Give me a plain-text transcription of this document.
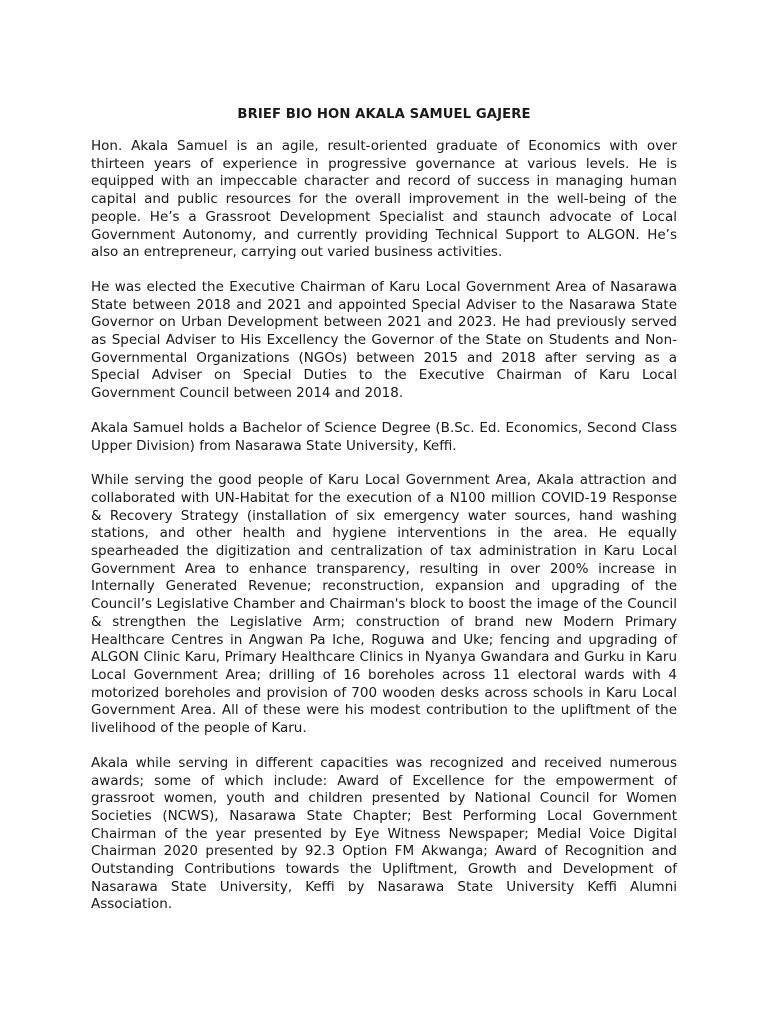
BRIEF BIO HON AKALA SAMUEL GAJERE

Hon. Akala Samuel is an agile, result-oriented graduate of Economics with over thirteen years of experience in progressive governance at various levels. He is equipped with an impeccable character and record of success in managing human capital and public resources for the overall improvement in the well-being of the people. He’s a Grassroot Development Specialist and staunch advocate of Local Government Autonomy, and currently providing Technical Support to ALGON. He’s also an entrepreneur, carrying out varied business activities.

He was elected the Executive Chairman of Karu Local Government Area of Nasarawa State between 2018 and 2021 and appointed Special Adviser to the Nasarawa State Governor on Urban Development between 2021 and 2023. He had previously served as Special Adviser to His Excellency the Governor of the State on Students and Non-Governmental Organizations (NGOs) between 2015 and 2018 after serving as a Special Adviser on Special Duties to the Executive Chairman of Karu Local Government Council between 2014 and 2018.

Akala Samuel holds a Bachelor of Science Degree (B.Sc. Ed. Economics, Second Class Upper Division) from Nasarawa State University, Keffi.

While serving the good people of Karu Local Government Area, Akala attraction and collaborated with UN-Habitat for the execution of a N100 million COVID-19 Response & Recovery Strategy (installation of six emergency water sources, hand washing stations, and other health and hygiene interventions in the area. He equally spearheaded the digitization and centralization of tax administration in Karu Local Government Area to enhance transparency, resulting in over 200% increase in Internally Generated Revenue; reconstruction, expansion and upgrading of the Council’s Legislative Chamber and Chairman's block to boost the image of the Council & strengthen the Legislative Arm; construction of brand new Modern Primary Healthcare Centres in Angwan Pa Iche, Roguwa and Uke; fencing and upgrading of ALGON Clinic Karu, Primary Healthcare Clinics in Nyanya Gwandara and Gurku in Karu Local Government Area; drilling of 16 boreholes across 11 electoral wards with 4 motorized boreholes and provision of 700 wooden desks across schools in Karu Local Government Area. All of these were his modest contribution to the upliftment of the livelihood of the people of Karu.

Akala while serving in different capacities was recognized and received numerous awards; some of which include: Award of Excellence for the empowerment of grassroot women, youth and children presented by National Council for Women Societies (NCWS), Nasarawa State Chapter; Best Performing Local Government Chairman of the year presented by Eye Witness Newspaper; Medial Voice Digital Chairman 2020 presented by 92.3 Option FM Akwanga; Award of Recognition and Outstanding Contributions towards the Upliftment, Growth and Development of Nasarawa State University, Keffi by Nasarawa State University Keffi Alumni Association.
